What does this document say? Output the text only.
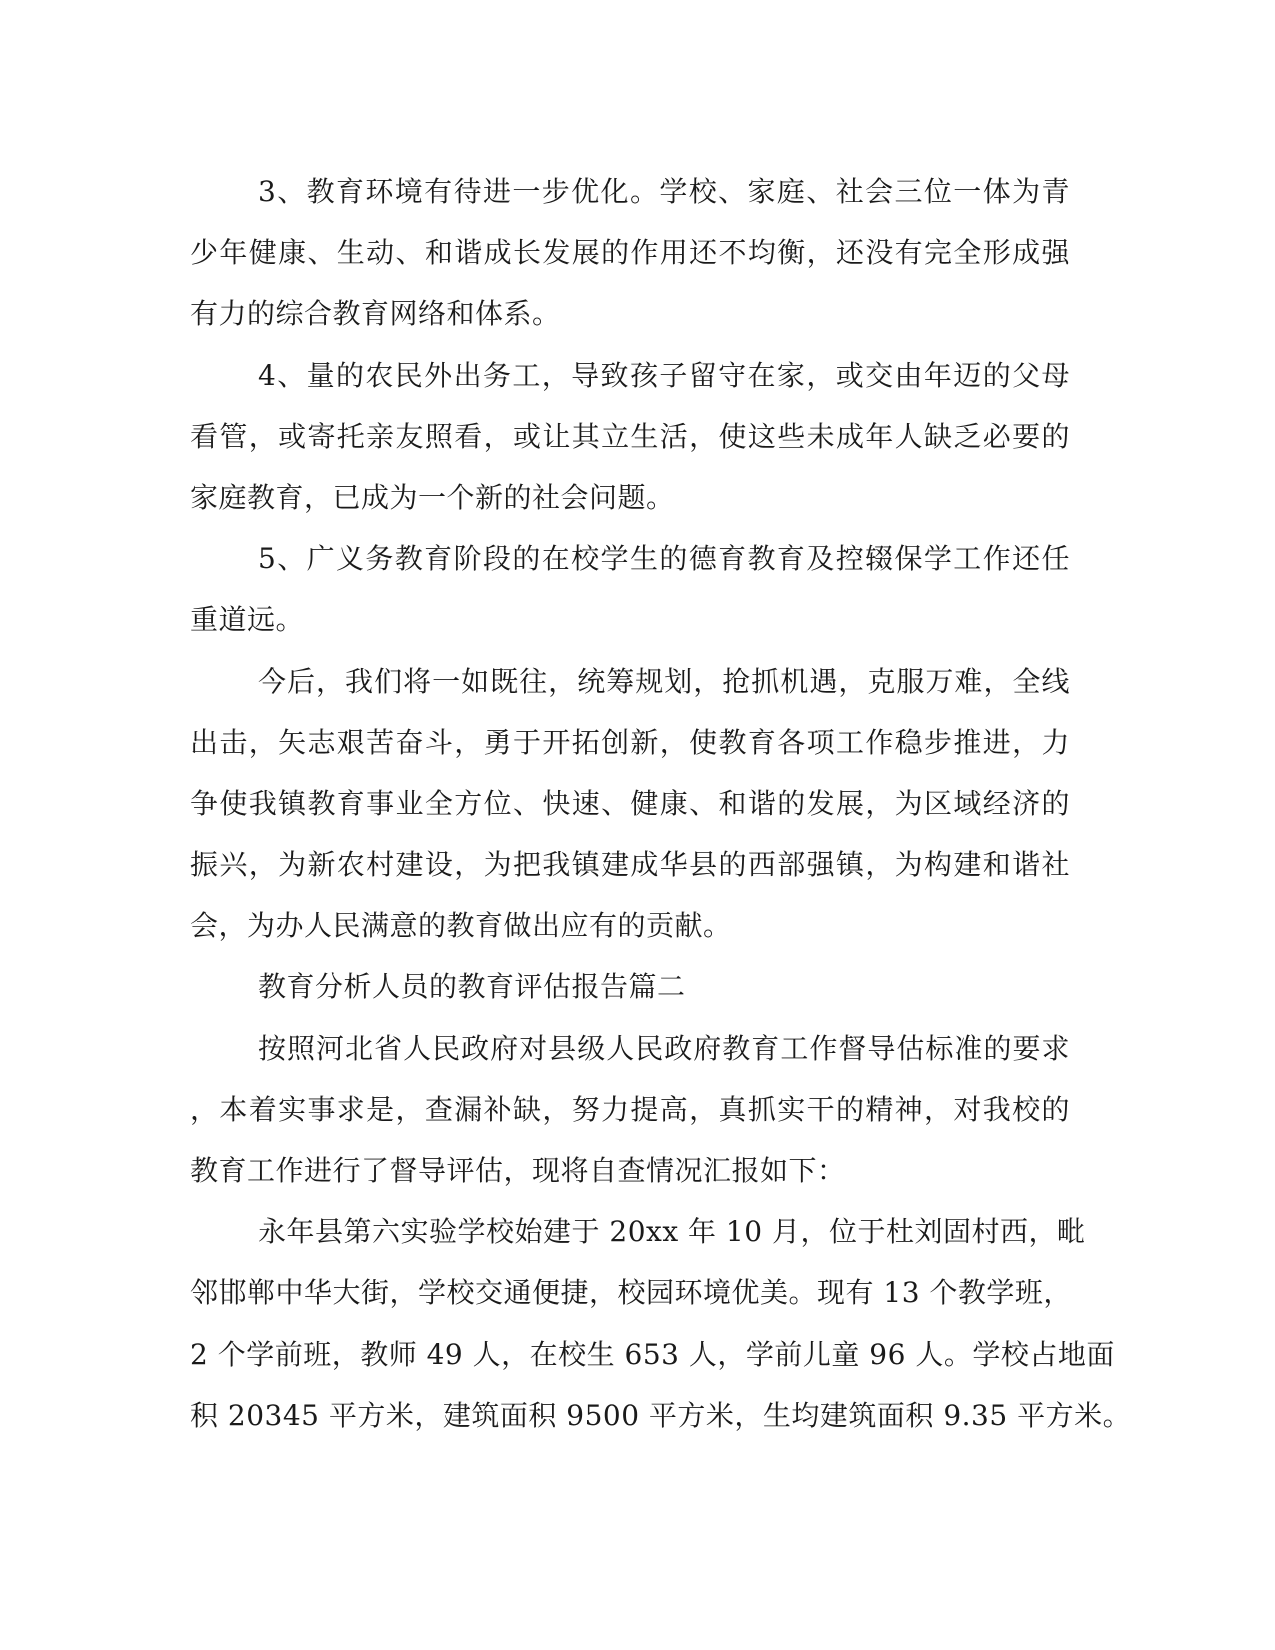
3、教育环境有待进一步优化。学校、家庭、社会三位一体为青
少年健康、生动、和谐成长发展的作用还不均衡，还没有完全形成强
有力的综合教育网络和体系。
4、量的农民外出务工，导致孩子留守在家，或交由年迈的父母
看管，或寄托亲友照看，或让其立生活，使这些未成年人缺乏必要的
家庭教育，已成为一个新的社会问题。
5、广义务教育阶段的在校学生的德育教育及控辍保学工作还任
重道远。
今后，我们将一如既往，统筹规划，抢抓机遇，克服万难，全线
出击，矢志艰苦奋斗，勇于开拓创新，使教育各项工作稳步推进，力
争使我镇教育事业全方位、快速、健康、和谐的发展，为区域经济的
振兴，为新农村建设，为把我镇建成华县的西部强镇，为构建和谐社
会，为办人民满意的教育做出应有的贡献。
教育分析人员的教育评估报告篇二
按照河北省人民政府对县级人民政府教育工作督导估标准的要求
，本着实事求是，查漏补缺，努力提高，真抓实干的精神，对我校的
教育工作进行了督导评估，现将自查情况汇报如下：
永年县第六实验学校始建于 20xx 年 10 月，位于杜刘固村西，毗
邻邯郸中华大街，学校交通便捷，校园环境优美。现有 13 个教学班，
2 个学前班，教师 49 人，在校生 653 人，学前儿童 96 人。学校占地面
积 20345 平方米，建筑面积 9500 平方米，生均建筑面积 9.35 平方米。
